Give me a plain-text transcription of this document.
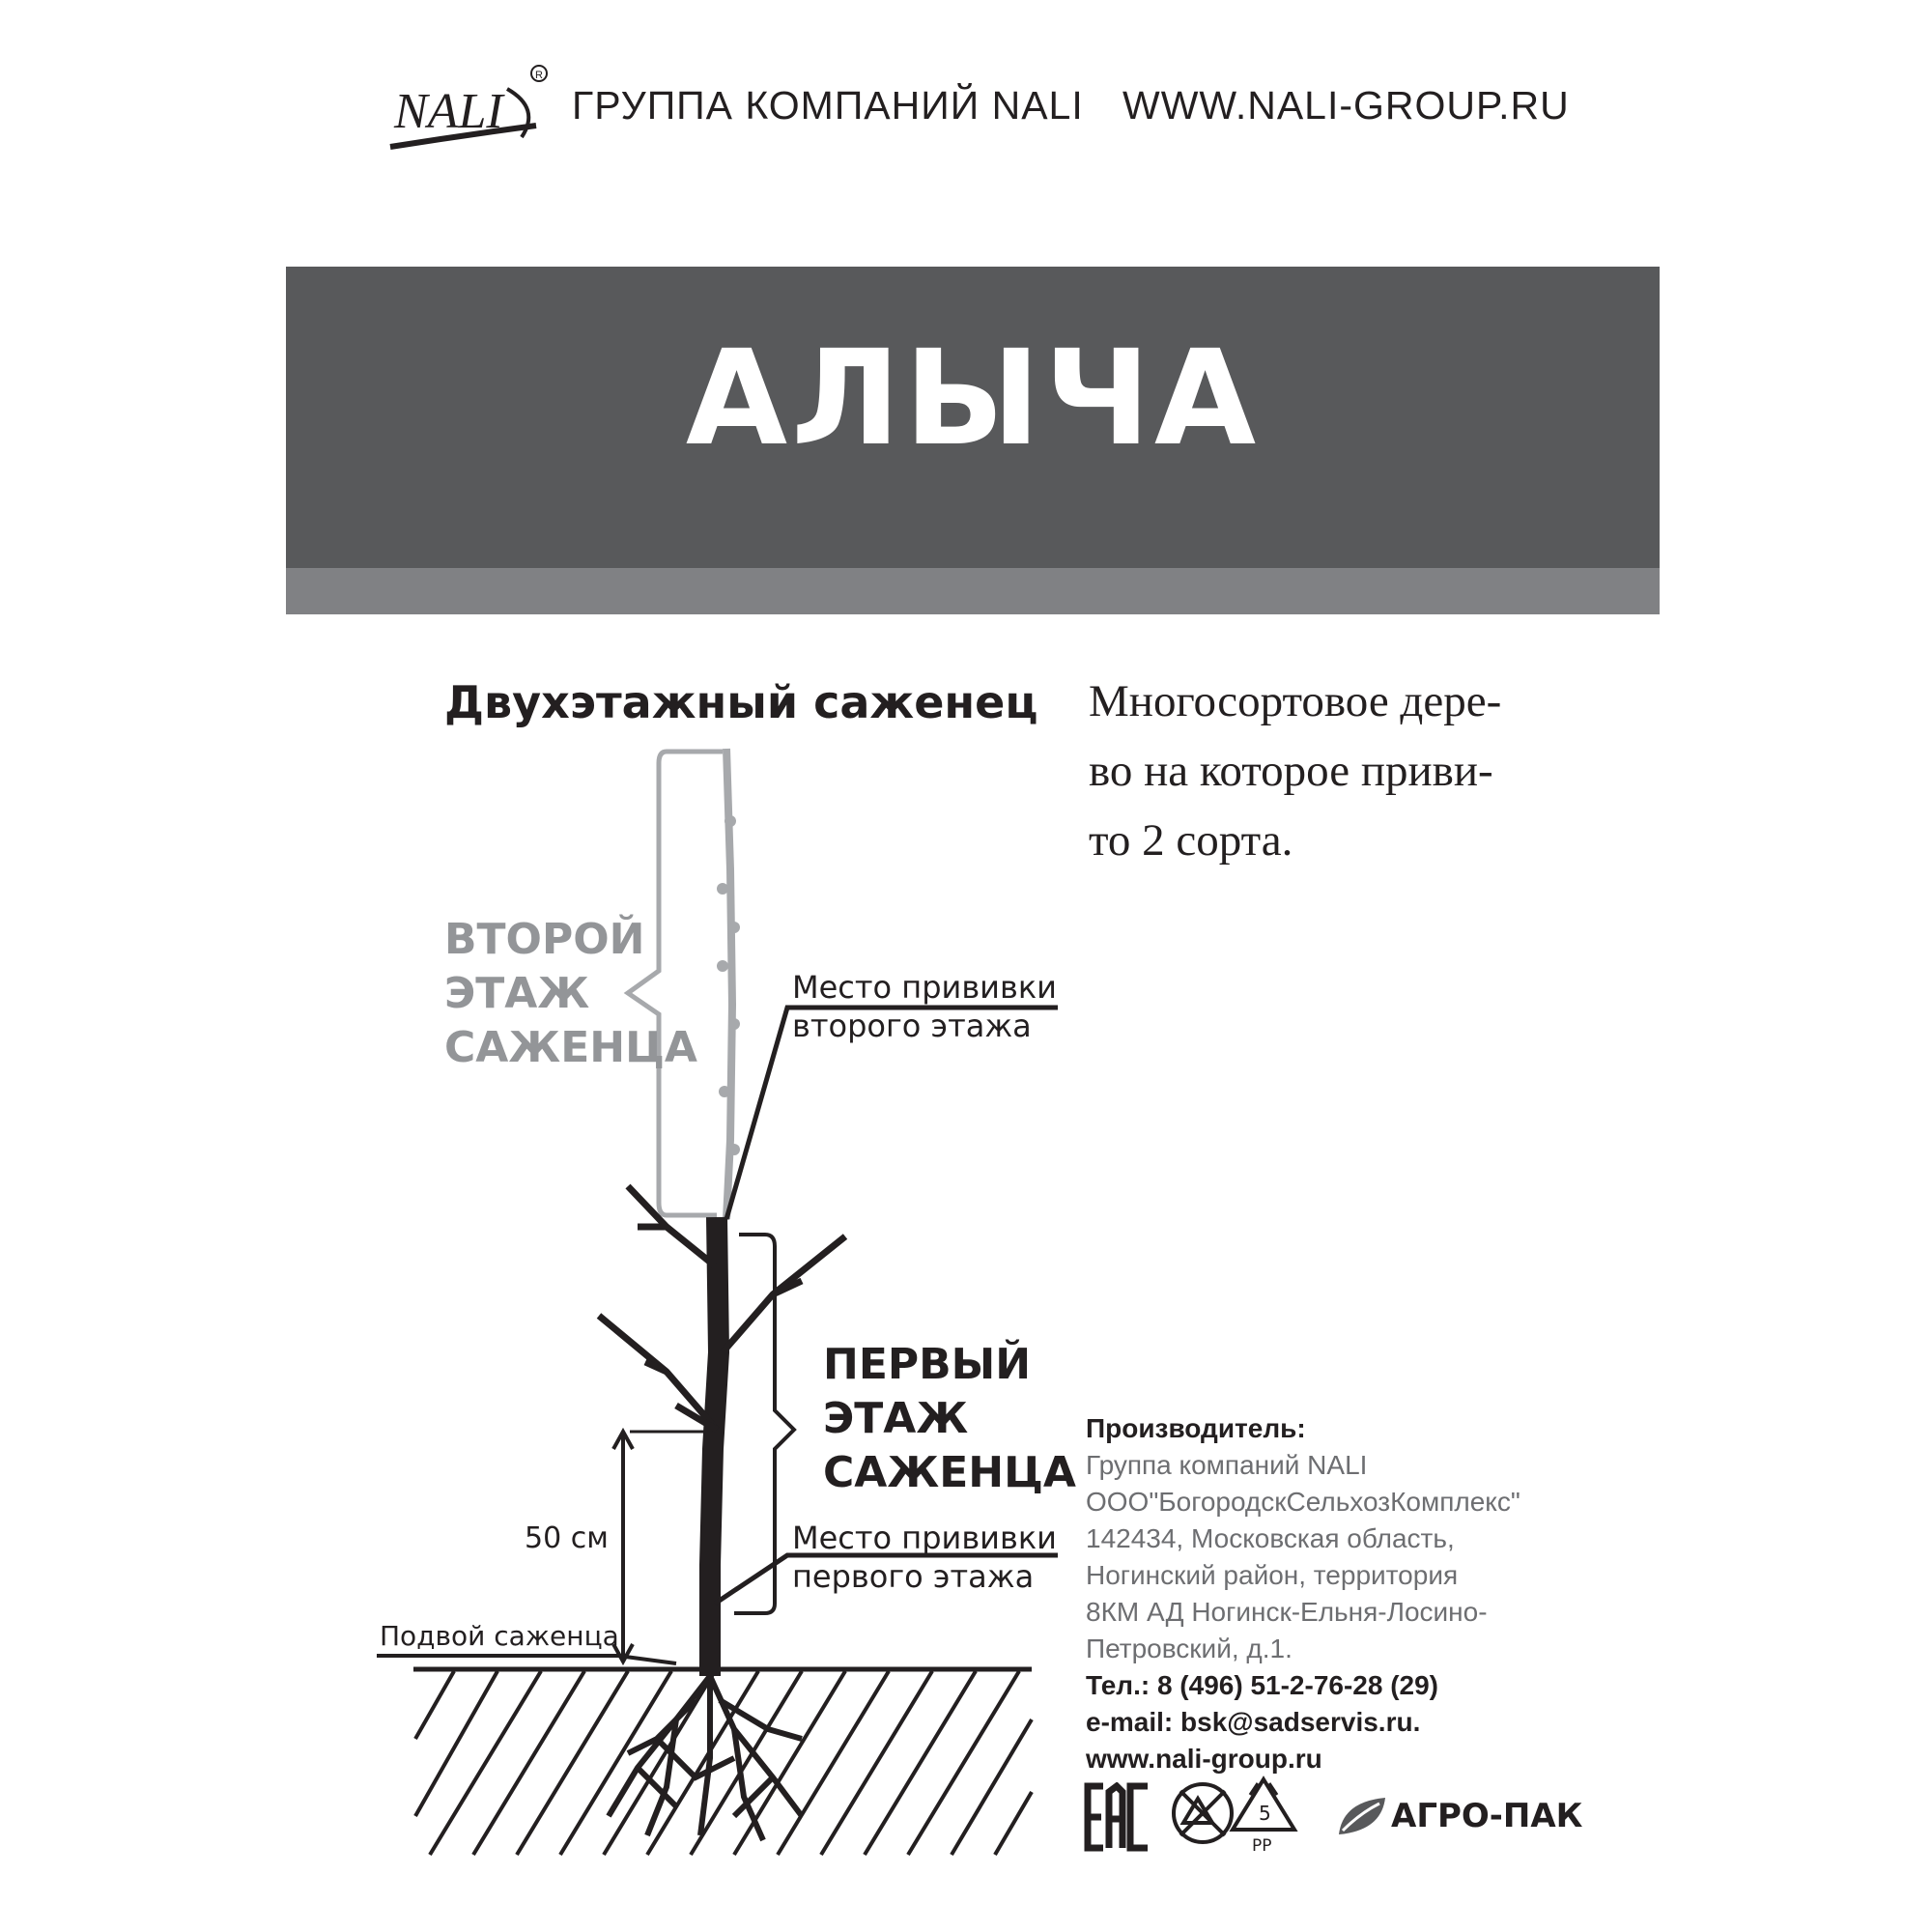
NALI
R
ГРУППА КОМПАНИЙ NALI WWW.NALI-GROUP.RU
АЛЫЧА
Двухэтажный саженец Многосортовое дере-
во на которое приви-
то 2 сорта.
ВТОРОЙ
ЭТАЖ
САЖЕНЦА
ПЕРВЫЙ
ЭТАЖ
САЖЕНЦА
Место прививки
второго этажа
Место прививки
первого этажа
50 см
Подвой саженца
Производитель:
Группа компаний NALI
ООО"БогородскСельхозКомплекс"
142434, Московская область,
Ногинский район, территория
8КМ АД Ногинск-Ельня-Лосино-
Петровский, д.1.
Тел.: 8 (496) 51-2-76-28 (29)
e-mail: bsk@sadservis.ru.
www.nali-group.ru
5
PP
АГРО-ПАК
